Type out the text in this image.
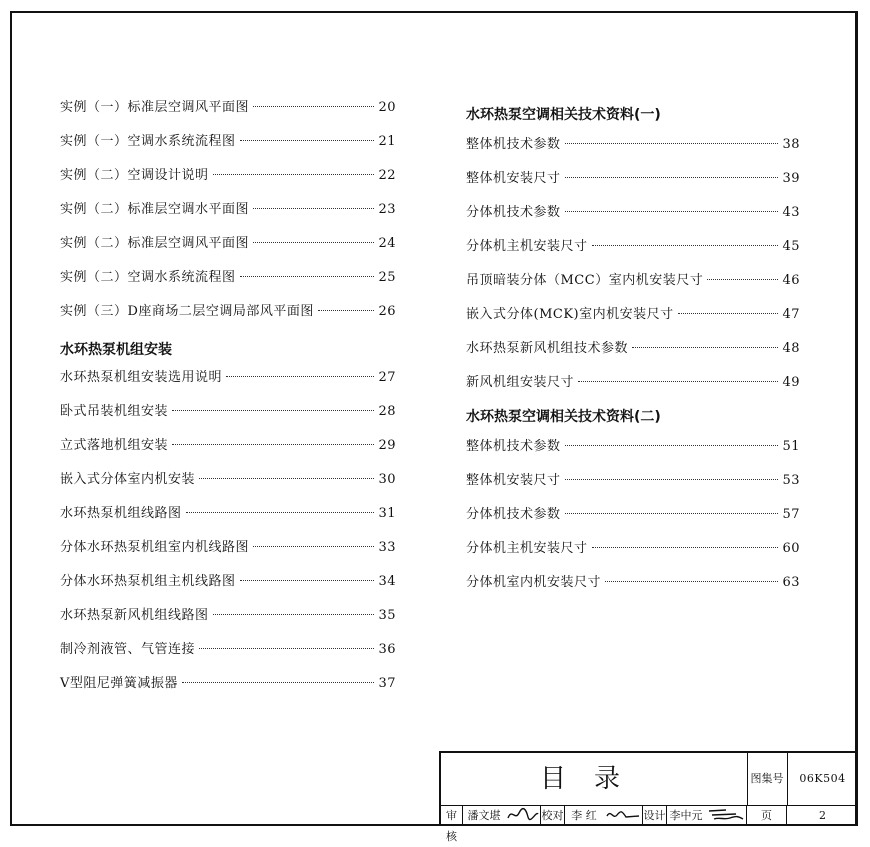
实例（一）标准层空调风平面图	20
实例（一）空调水系统流程图	21
实例（二）空调设计说明	22
实例（二）标准层空调水平面图	23
实例（二）标准层空调风平面图	24
实例（二）空调水系统流程图	25
实例（三）D座商场二层空调局部风平面图	26
水环热泵机组安装
水环热泵机组安装选用说明	27
卧式吊装机组安装	28
立式落地机组安装	29
嵌入式分体室内机安装	30
水环热泵机组线路图	31
分体水环热泵机组室内机线路图	33
分体水环热泵机组主机线路图	34
水环热泵新风机组线路图	35
制冷剂液管、气管连接	36
V型阻尼弹簧减振器	37
水环热泵空调相关技术资料(一)
整体机技术参数	38
整体机安装尺寸	39
分体机技术参数	43
分体机主机安装尺寸	45
吊顶暗装分体（MCC）室内机安装尺寸	46
嵌入式分体(MCK)室内机安装尺寸	47
水环热泵新风机组技术参数	48
新风机组安装尺寸	49
水环热泵空调相关技术资料(二)
整体机技术参数	51
整体机安装尺寸	53
分体机技术参数	57
分体机主机安装尺寸	60
分体机室内机安装尺寸	63
目录	图集号	06K504
审核
潘文堪	校对 李 红	设计 李中元	页	2
